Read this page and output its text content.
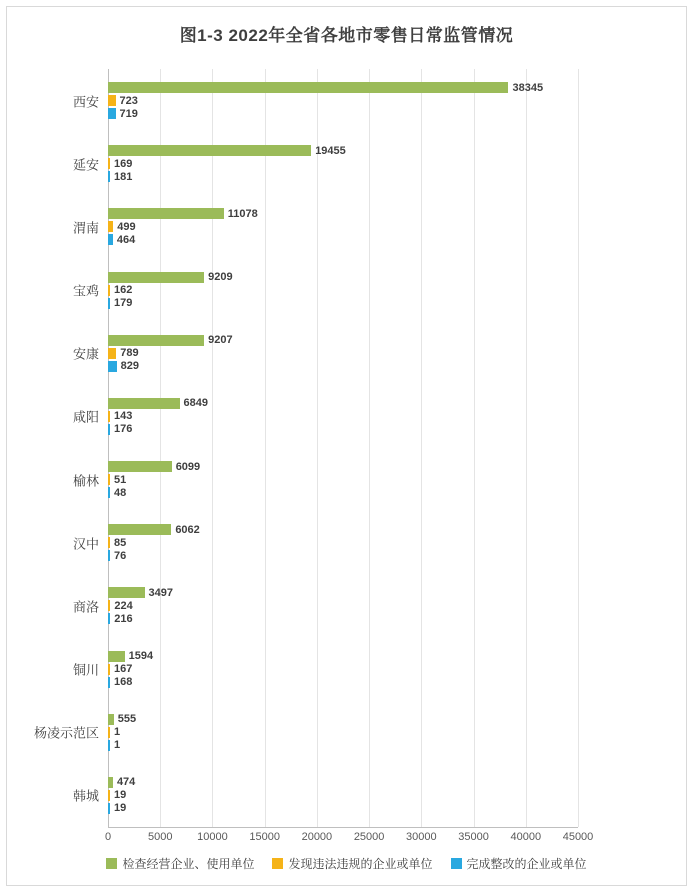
图1-3 2022年全省各地市零售日常监管情况
西安
38345
723
719
延安
19455
169
181
渭南
11078
499
464
宝鸡
9209
162
179
安康
9207
789
829
咸阳
6849
143
176
榆林
6099
51
48
汉中
6062
85
76
商洛
3497
224
216
铜川
1594
167
168
杨凌示范区
555
1
1
韩城
474
19
19
0	5000 10000 15000 20000 25000 30000 35000 40000 45000
检查经营企业、使用单位	发现违法违规的企业或单位	完成整改的企业或单位
